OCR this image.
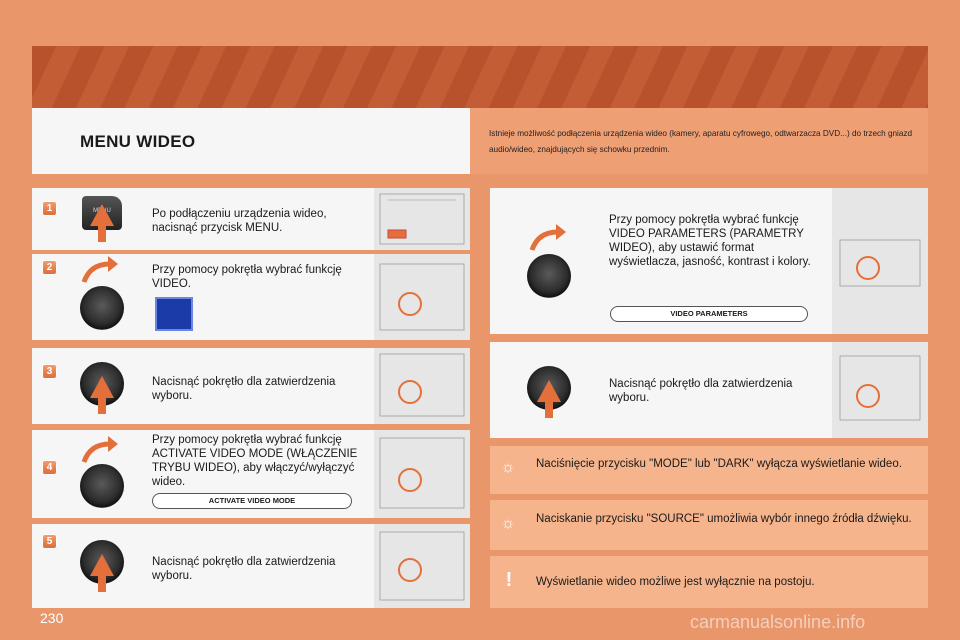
MENU WIDEO	Istnieje możliwość podłączenia urządzenia wideo (kamery, aparatu cyfrowego, odtwarzacza DVD...) do trzech gniazd audio/wideo, znajdujących się schowku przednim.
1	MENU	Po podłączeniu urządzenia wideo, nacisnąć przycisk MENU.
2	Przy pomocy pokrętła wybrać funkcję VIDEO.
3
Nacisnąć pokrętło dla zatwierdzenia wyboru.
4
Przy pomocy pokrętła wybrać funkcję ACTIVATE VIDEO MODE (WŁĄCZENIE TRYBU WIDEO), aby włączyć/wyłączyć wideo.
ACTIVATE VIDEO MODE
5
Nacisnąć pokrętło dla zatwierdzenia wyboru.
Przy pomocy pokrętła wybrać funkcję VIDEO PARAMETERS (PARAMETRY WIDEO), aby ustawić format wyświetlacza, jasność, kontrast i kolory.
VIDEO PARAMETERS
Nacisnąć pokrętło dla zatwierdzenia wyboru.
☼ Naciśnięcie przycisku "MODE" lub "DARK" wyłącza wyświetlanie wideo.
☼ Naciskanie przycisku "SOURCE" umożliwia wybór innego źródła dźwięku.
!	Wyświetlanie wideo możliwe jest wyłącznie na postoju.
230	carmanualsonline.info
